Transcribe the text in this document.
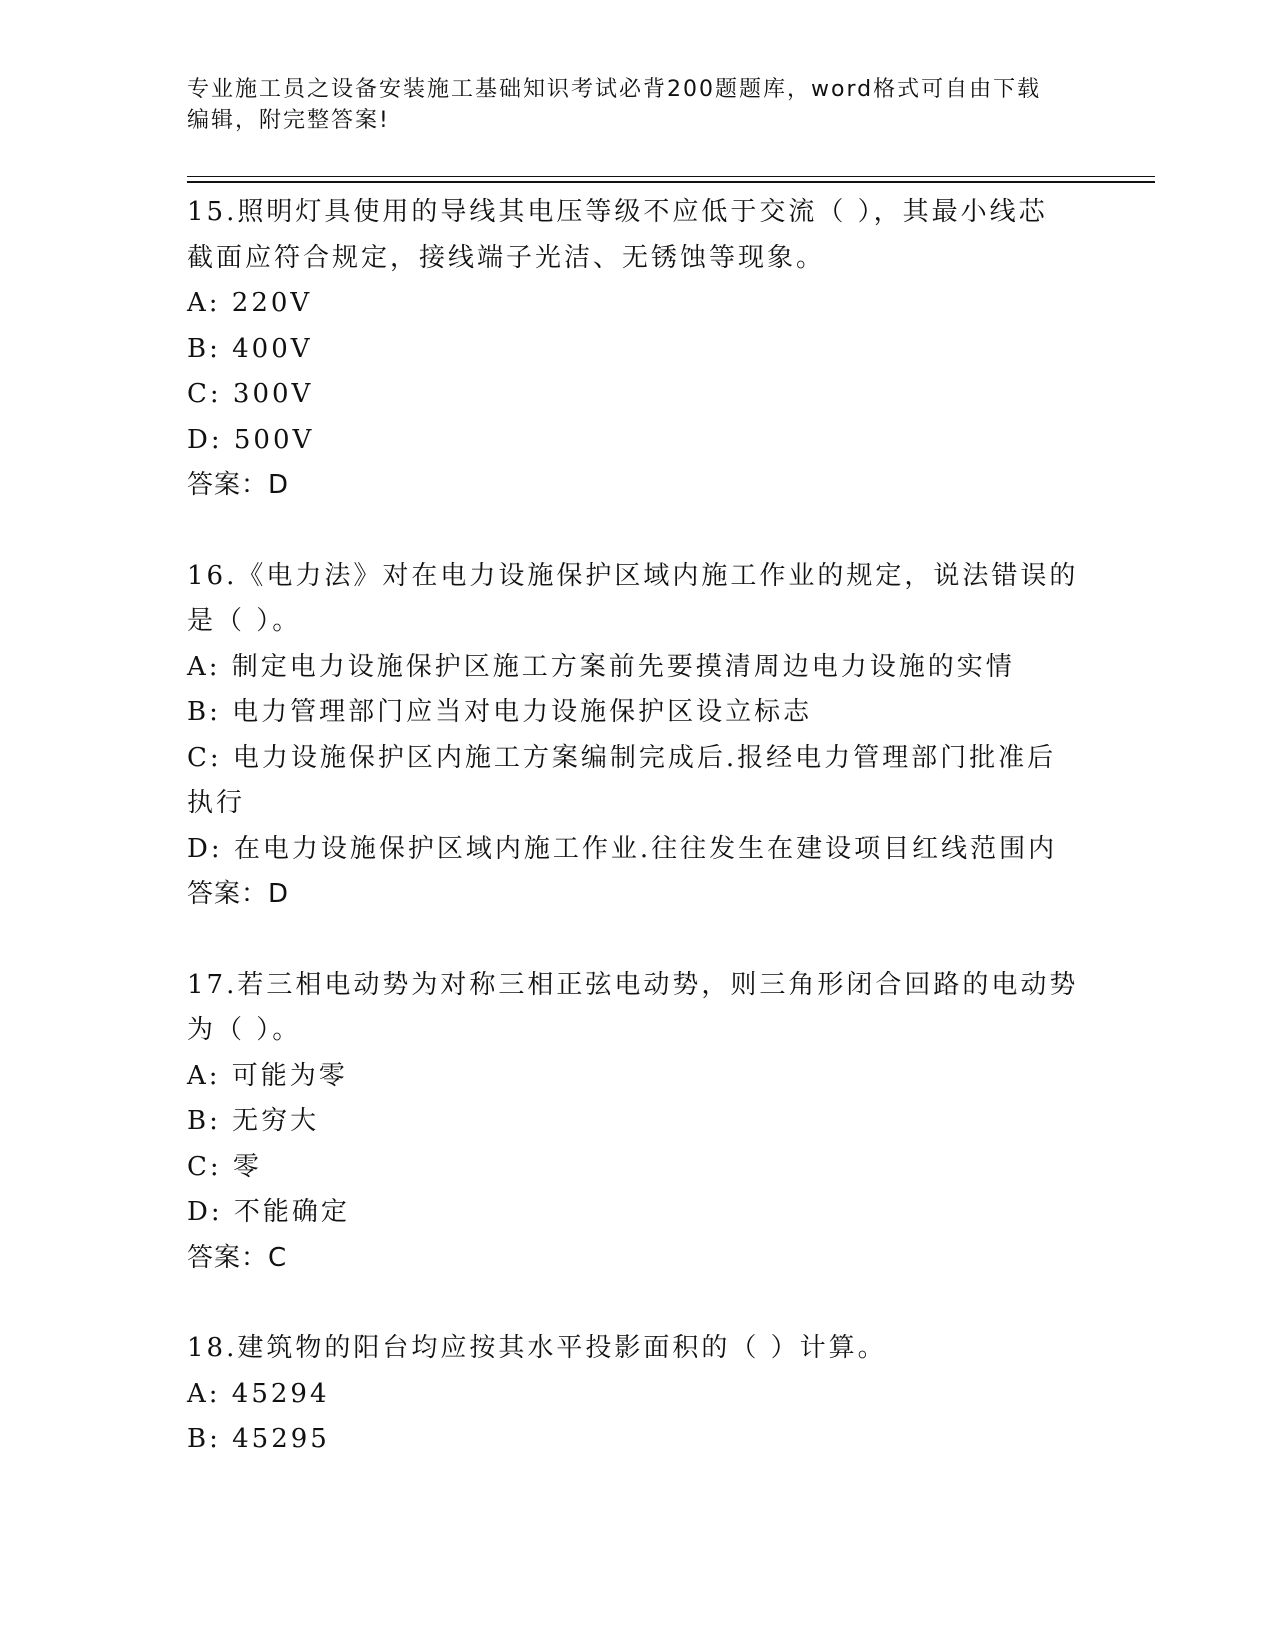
专业施工员之设备安装施工基础知识考试必背200题题库，word格式可自由下载
编辑，附完整答案!
15.照明灯具使用的导线其电压等级不应低于交流（ ），其最小线芯
截面应符合规定，接线端子光洁、无锈蚀等现象。
A: 220V
B: 400V
C: 300V
D: 500V
答案：D
16.《电力法》对在电力设施保护区域内施工作业的规定，说法错误的
是（ ）。
A: 制定电力设施保护区施工方案前先要摸清周边电力设施的实情
B: 电力管理部门应当对电力设施保护区设立标志
C: 电力设施保护区内施工方案编制完成后.报经电力管理部门批准后
执行
D: 在电力设施保护区域内施工作业.往往发生在建设项目红线范围内
答案：D
17.若三相电动势为对称三相正弦电动势，则三角形闭合回路的电动势
为（ ）。
A: 可能为零
B: 无穷大
C: 零
D: 不能确定
答案：C
18.建筑物的阳台均应按其水平投影面积的（ ）计算。
A: 45294
B: 45295
